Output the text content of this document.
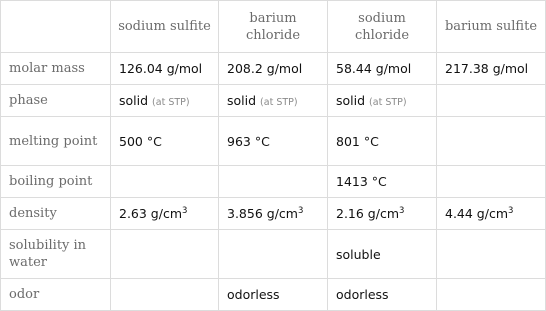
	sodium sulfite	barium chloride	sodium chloride	barium sulfite
molar mass	126.04 g/mol	208.2 g/mol	58.44 g/mol	217.38 g/mol
phase	solid (at STP)	solid (at STP)	solid (at STP)	
melting point	500 °C	963 °C	801 °C	
boiling point			1413 °C	
density	2.63 $g/cm^3$	3.856 $g/cm^3$	2.16 $g/cm^3$	4.44 $g/cm^3$
solubility in water			soluble	
odor		odorless	odorless	
